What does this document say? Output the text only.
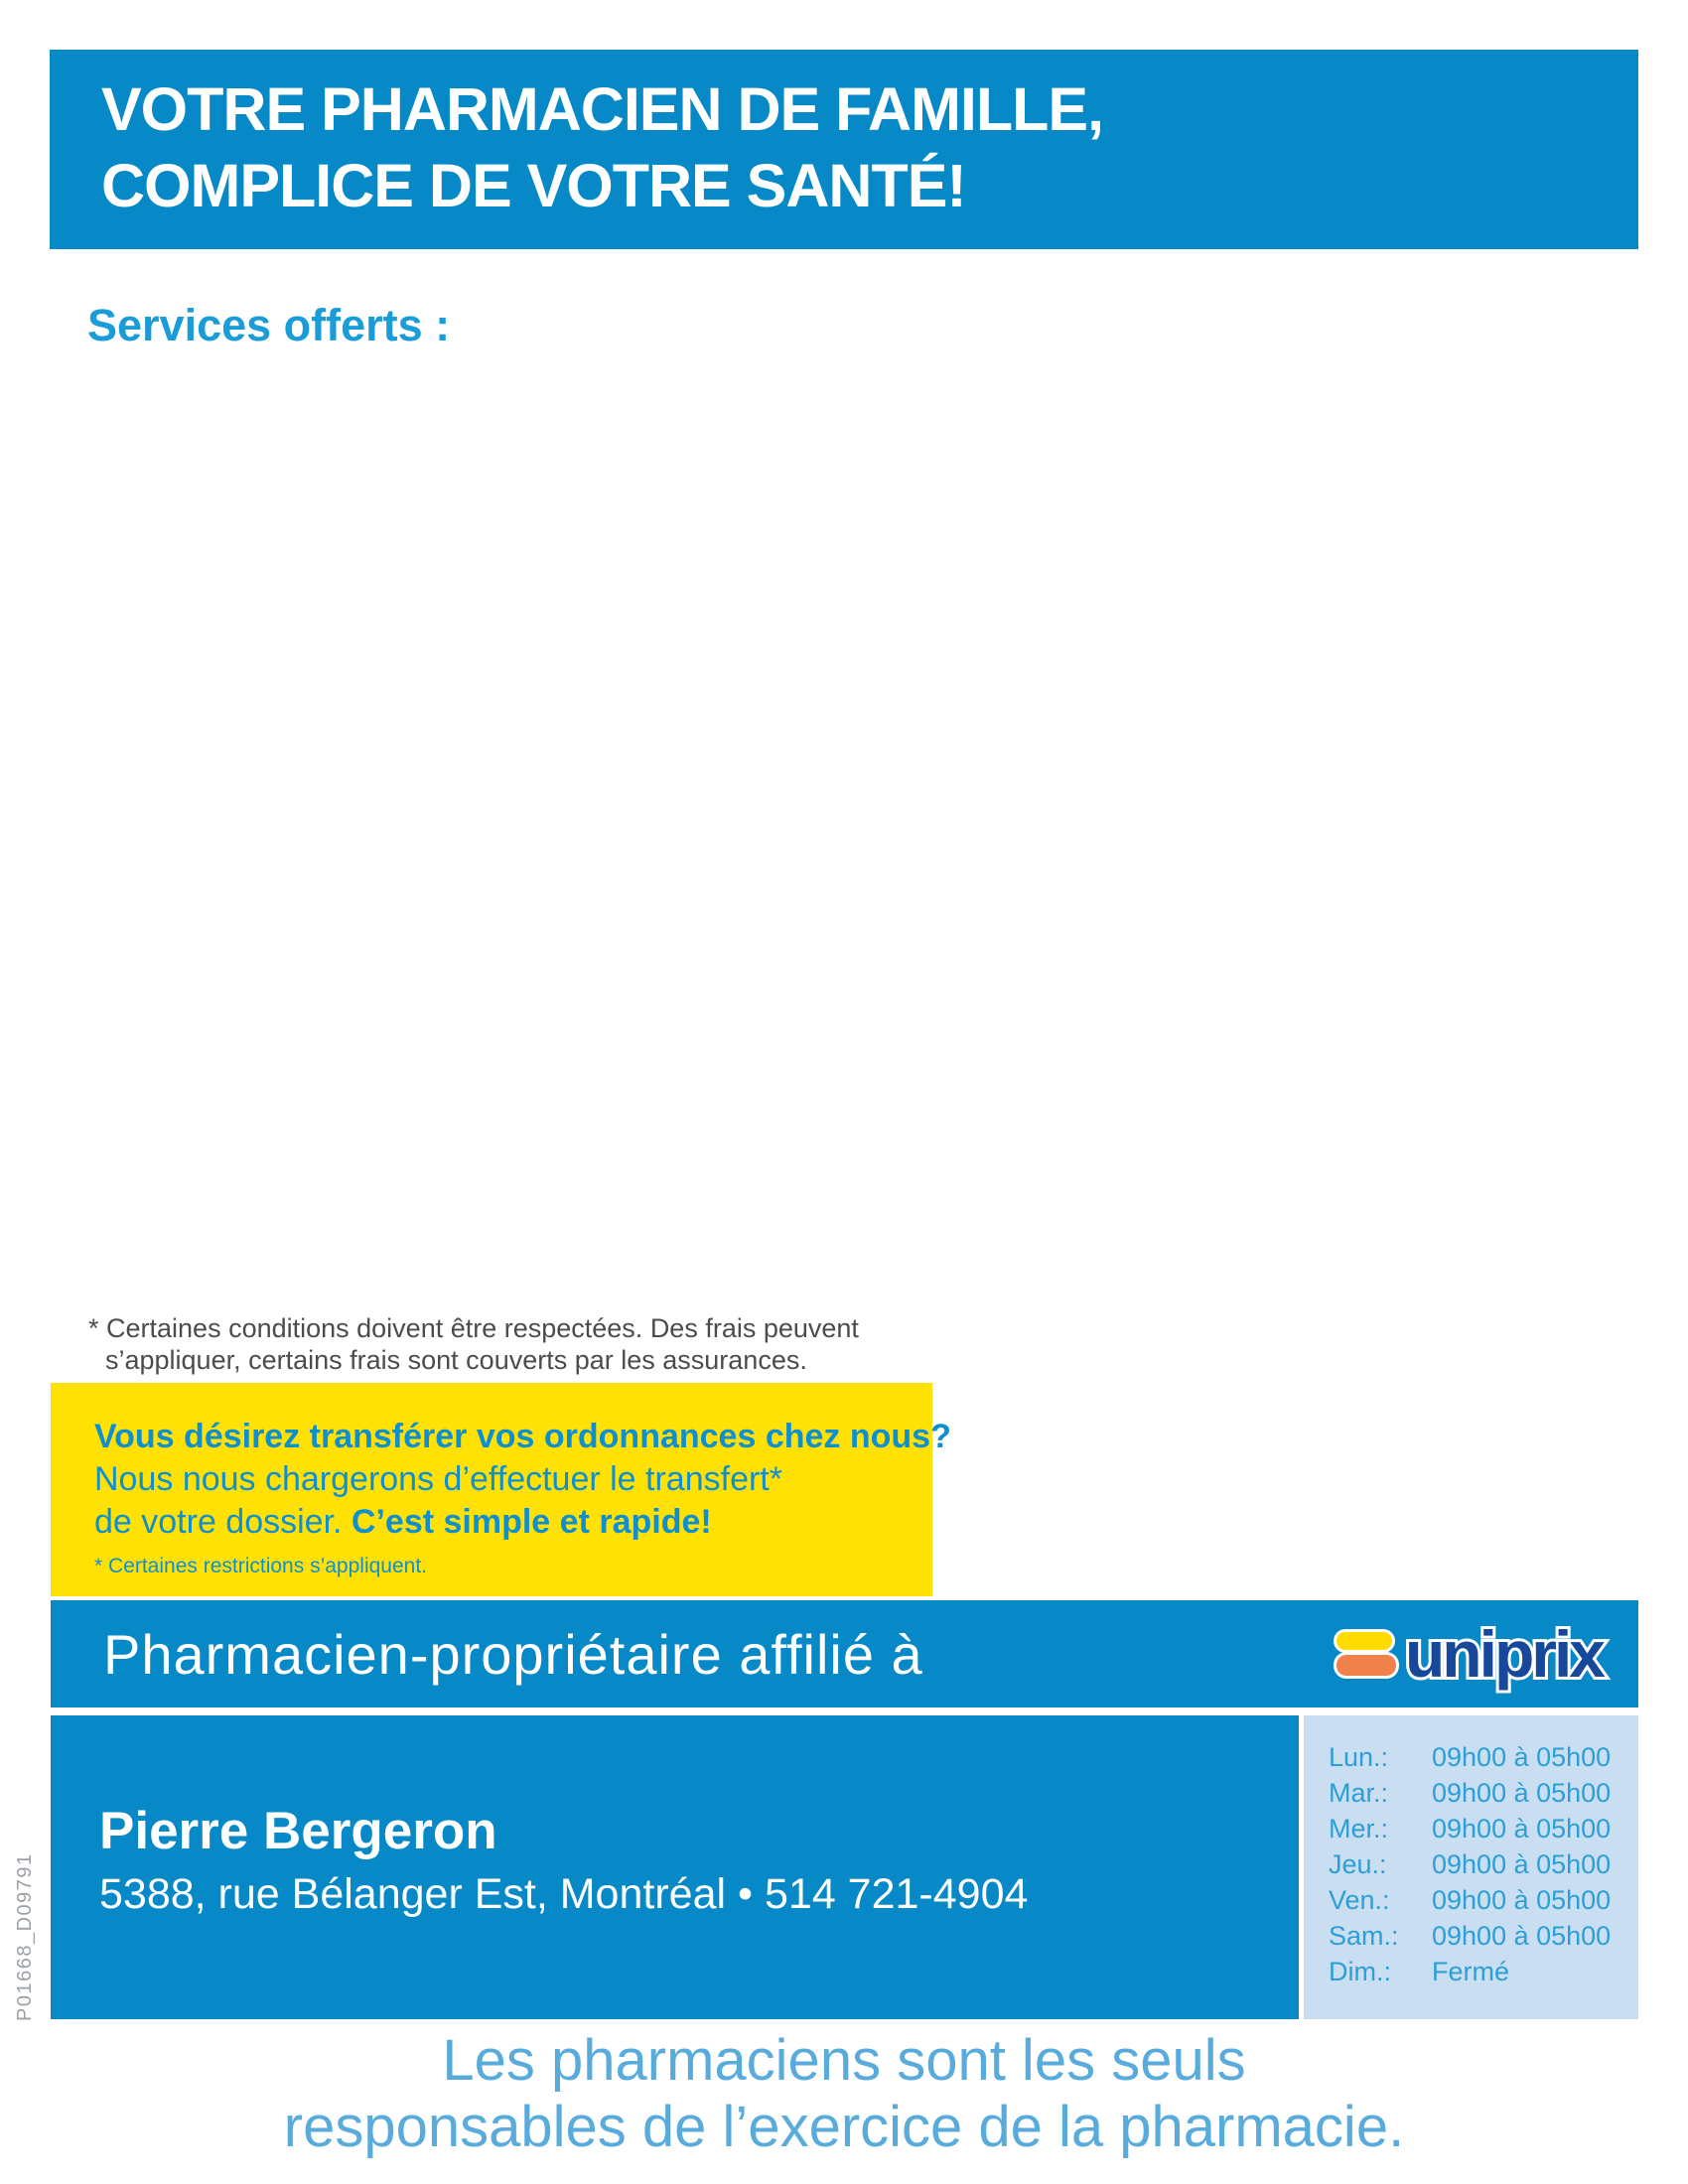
VOTRE PHARMACIEN DE FAMILLE,
COMPLICE DE VOTRE SANTÉ!
Services offerts :
* Certaines conditions doivent être respectées. Des frais peuvent
s’appliquer, certains frais sont couverts par les assurances.
Vous désirez transférer vos ordonnances chez nous?
Nous nous chargerons d’effectuer le transfert*
de votre dossier. C’est simple et rapide!
* Certaines restrictions s’appliquent.
Pharmacien-propriétaire affilié à	uniprix
Pierre Bergeron
5388, rue Bélanger Est, Montréal • 514 721-4904
Lun.:	09h00 à 05h00
Mar.:	09h00 à 05h00
Mer.:	09h00 à 05h00
Jeu.:	09h00 à 05h00
Ven.:	09h00 à 05h00
Sam.:	09h00 à 05h00
Dim.:	Fermé
Les pharmaciens sont les seuls
responsables de l’exercice de la pharmacie.
P01668_D09791
